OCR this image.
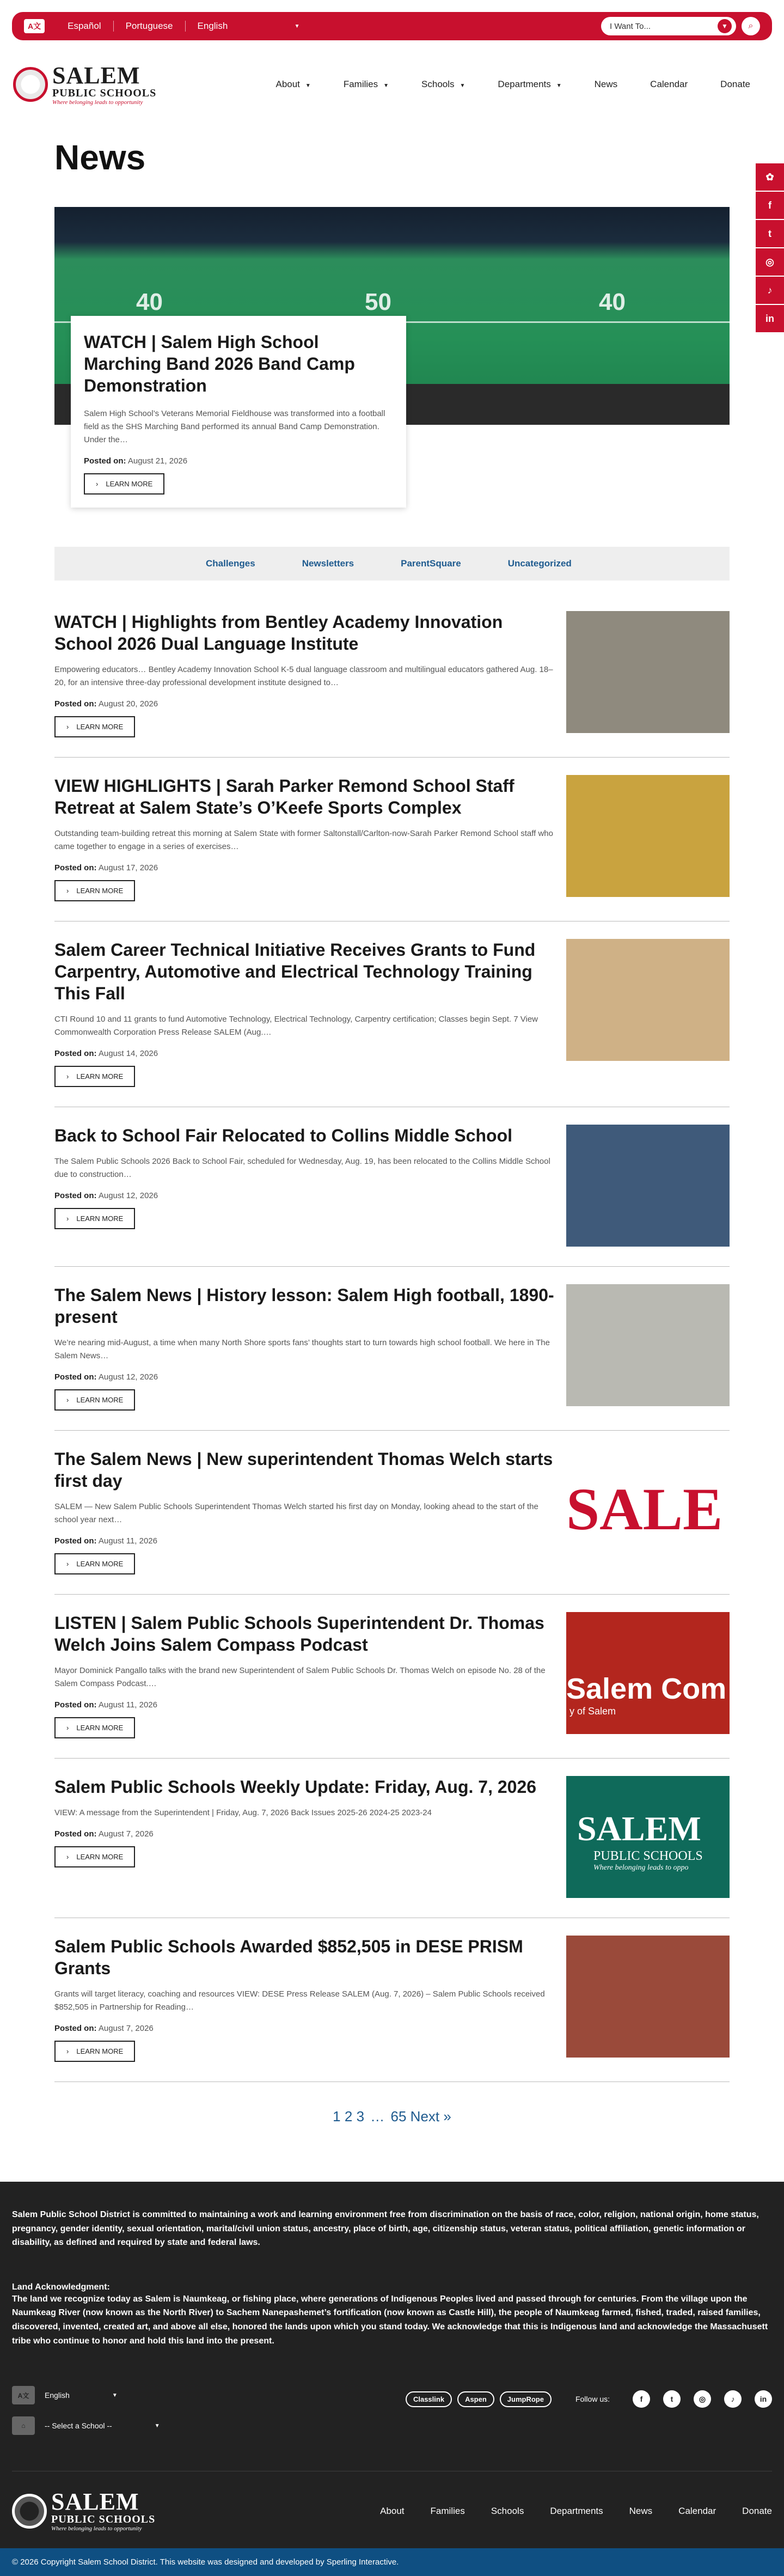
A文	Español	Portuguese	English	▼	I Want To...	▼	⌕
SALEM
PUBLIC SCHOOLS
Where belonging leads to opportunity
About ▼	Families ▼	Schools ▼	Departments ▼	News	Calendar	Donate
✿
f
t
◎
♪
in
News
40	50	40
WATCH | Salem High School Marching Band 2026 Band Camp Demonstration

Salem High School’s Veterans Memorial Fieldhouse was transformed into a football field as the SHS Marching Band performed its annual Band Camp Demonstration. Under the…

Posted on: August 21, 2026
› LEARN MORE
Challenges	Newsletters	ParentSquare	Uncategorized
WATCH | Highlights from Bentley Academy Innovation School 2026 Dual Language Institute

Empowering educators… Bentley Academy Innovation School K-5 dual language classroom and multilingual educators gathered Aug. 18–20, for an intensive three-day professional development institute designed to…

Posted on: August 20, 2026
› LEARN MORE
VIEW HIGHLIGHTS | Sarah Parker Remond School Staff Retreat at Salem State’s O’Keefe Sports Complex

Outstanding team-building retreat this morning at Salem State with former Saltonstall/Carlton-now-Sarah Parker Remond School staff who came together to engage in a series of exercises…

Posted on: August 17, 2026
› LEARN MORE
Salem Career Technical Initiative Receives Grants to Fund Carpentry, Automotive and Electrical Technology Training This Fall

CTI Round 10 and 11 grants to fund Automotive Technology, Electrical Technology, Carpentry certification; Classes begin Sept. 7 View Commonwealth Corporation Press Release SALEM (Aug.…

Posted on: August 14, 2026
› LEARN MORE
Back to School Fair Relocated to Collins Middle School

The Salem Public Schools 2026 Back to School Fair, scheduled for Wednesday, Aug. 19, has been relocated to the Collins Middle School due to construction…

Posted on: August 12, 2026
› LEARN MORE
The Salem News | History lesson: Salem High football, 1890-present

We’re nearing mid-August, a time when many North Shore sports fans’ thoughts start to turn towards high school football. We here in The Salem News…

Posted on: August 12, 2026
› LEARN MORE
The Salem News | New superintendent Thomas Welch starts first day

SALEM — New Salem Public Schools Superintendent Thomas Welch started his first day on Monday, looking ahead to the start of the school year next…

Posted on: August 11, 2026
› LEARN MORE
SALE
LISTEN | Salem Public Schools Superintendent Dr. Thomas Welch Joins Salem Compass Podcast

Mayor Dominick Pangallo talks with the brand new Superintendent of Salem Public Schools Dr. Thomas Welch on episode No. 28 of the Salem Compass Podcast.…

Posted on: August 11, 2026
› LEARN MORE
Salem Com
y of Salem
Salem Public Schools Weekly Update: Friday, Aug. 7, 2026

VIEW: A message from the Superintendent | Friday, Aug. 7, 2026 Back Issues 2025-26 2024-25 2023-24

Posted on: August 7, 2026
› LEARN MORE
SALEM
PUBLIC SCHOOLS
Where belonging leads to oppo
Salem Public Schools Awarded $852,505 in DESE PRISM Grants

Grants will target literacy, coaching and resources VIEW: DESE Press Release SALEM (Aug. 7, 2026) – Salem Public Schools received $852,505 in Partnership for Reading…

Posted on: August 7, 2026
› LEARN MORE
1 2 3 … 65 Next »

Salem Public School District is committed to maintaining a work and learning environment free from discrimination on the basis of race, color, religion, national origin, home status, pregnancy, gender identity, sexual orientation, marital/civil union status, ancestry, place of birth, age, citizenship status, veteran status, political affiliation, genetic information or disability, as defined and required by state and federal laws.

Land Acknowledgment:

The land we recognize today as Salem is Naumkeag, or fishing place, where generations of Indigenous Peoples lived and passed through for centuries. From the village upon the Naumkeag River (now known as the North River) to Sachem Nanepashemet’s fortification (now known as Castle Hill), the people of Naumkeag farmed, fished, traded, raised families, discovered, invented, created art, and above all else, honored the lands upon which you stand today. We acknowledge that this is Indigenous land and acknowledge the Massachusett tribe who continue to honor and hold this land into the present.

A文	English	▼
⌂	-- Select a School --	▼
Classlink	Aspen	JumpRope	Follow us:	f	t	◎	♪	in
SALEM
PUBLIC SCHOOLS
Where belonging leads to opportunity
About	Families	Schools	Departments	News	Calendar	Donate
© 2026 Copyright Salem School District. This website was designed and developed by Sperling Interactive.
